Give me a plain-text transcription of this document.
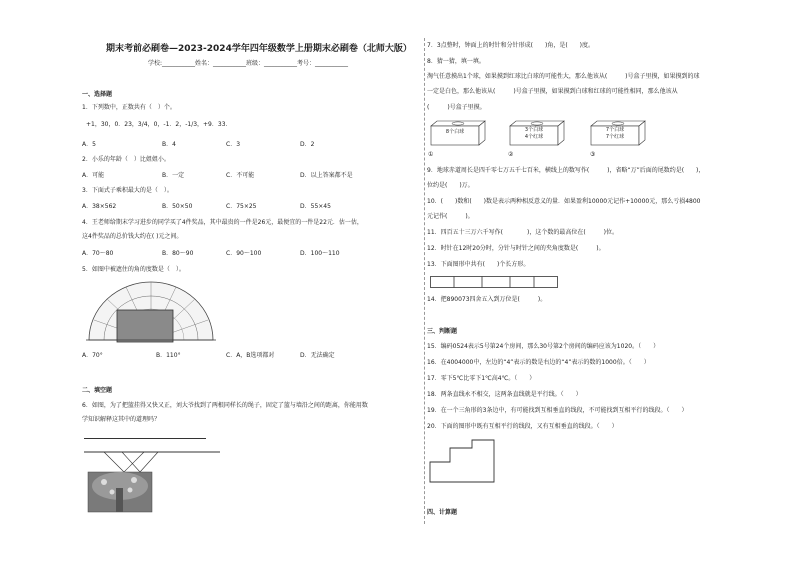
期末考前必刷卷—2023-2024学年四年级数学上册期末必刷卷（北师大版）
学校:___________姓名：___________班级：___________考号：___________
一、选择题
1．下列数中，正数共有（　）个。
+1，30，0．23，3/4，0，-1．2，-1/3，+9．33．
A．5	B．4	C．3	D．2
2．小乐的年龄（　）比姐姐小。
A．可能	B．一定	C．不可能	D．以上答案都不是
3．下面式子乘积最大的是（　）。
A．38×562	B．50×50	C．75×25	D．55×45
4．王老师给期末学习进步的同学买了4件奖品，其中最贵的一件是26元，最便宜的一件是22元．估一估，
这4件奖品的总价钱大约在( )元之间。
A．70～80	B．80～90	C．90～100	D．100～110
5．如图中被遮住的角的度数是（　）。
A．70°	B．110°	C．A，B选项都对	D．无法确定
二、填空题
6．如图，为了把篮挂得又快又正，刘大爷找到了两根同样长的绳子，固定了篮与墙沿之间的距离，你能用数
学知识解释这其中的道理吗？
7．3点整时，钟面上的时针和分针形成(　　)角，是(　　)度。
8．猜一猜，填一填。
淘气任意摸出1个球，如果摸到红球比白球的可能性大，那么他该从(　　　)号盒子里摸，如果摸到的球
一定是白色，那么他该从(　　　)号盒子里摸，如果摸到白球和红球的可能性相同，那么他该从
(　　　)号盒子里摸。
8个白球	3个白球
4个红球
7个白球
7个红球
①	②	③
9．地球赤道周长是四千零七万五千七百米，横线上的数写作(　　　)，省略“万”后面的尾数约是(　　)，
位约是(　　)万。
10．(　　)数和(　　)数是表示两种相反意义的量．如果盈利10000元记作+10000元，那么亏损4800
元记作(　　　)。
11．四百五十三万六千写作(　　　　)，这个数的最高位在(　　　)位。
12．时针在12时20分时，分针与时针之间的夹角度数是(　　　)。
13．下面图形中共有(　　)个长方形。
14．把890073四舍五入到万位是(　　　)。
三、判断题
15．编码0524表示5号第24个房间，那么30号第2个房间的编码应该为1020。（　　）
16．在4004000中，左边的“4”表示的数是右边的“4”表示的数的1000倍。（　　）
17．零下5℃比零下1℃高4℃。（　　）
18．两条直线永不相交，这两条直线就是平行线。（　　）
19．在一个三角形的3条边中，有可能找到互相垂直的线段，不可能找到互相平行的线段。（　　）
20．下面的图形中既有互相平行的线段，又有互相垂直的线段。（　　）
四、计算题
